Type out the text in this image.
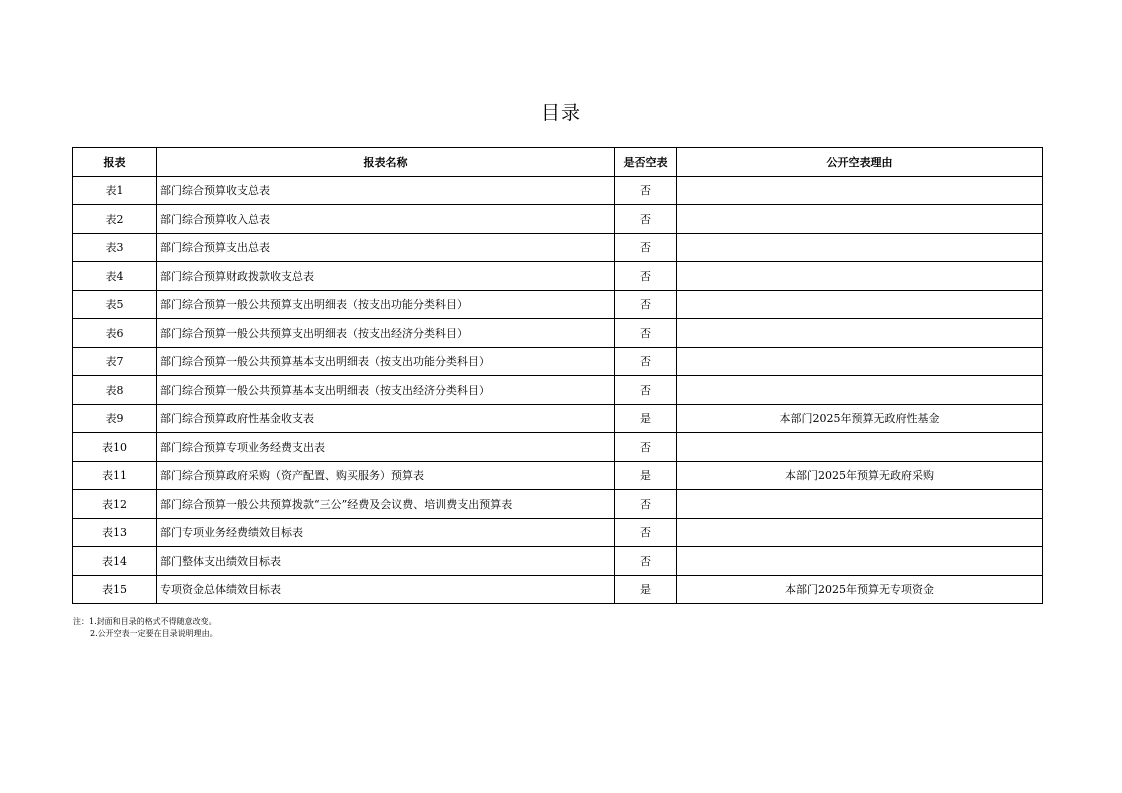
目录
报表	报表名称	是否空表	公开空表理由
表1	部门综合预算收支总表	否	
表2	部门综合预算收入总表	否	
表3	部门综合预算支出总表	否	
表4	部门综合预算财政拨款收支总表	否	
表5	部门综合预算一般公共预算支出明细表（按支出功能分类科目）	否	
表6	部门综合预算一般公共预算支出明细表（按支出经济分类科目）	否	
表7	部门综合预算一般公共预算基本支出明细表（按支出功能分类科目）	否	
表8	部门综合预算一般公共预算基本支出明细表（按支出经济分类科目）	否	
表9	部门综合预算政府性基金收支表	是	本部门2025年预算无政府性基金
表10	部门综合预算专项业务经费支出表	否	
表11	部门综合预算政府采购（资产配置、购买服务）预算表	是	本部门2025年预算无政府采购
表12	部门综合预算一般公共预算拨款“三公”经费及会议费、培训费支出预算表	否	
表13	部门专项业务经费绩效目标表	否	
表14	部门整体支出绩效目标表	否	
表15	专项资金总体绩效目标表	是	本部门2025年预算无专项资金
注：1.封面和目录的格式不得随意改变。
2.公开空表一定要在目录说明理由。
